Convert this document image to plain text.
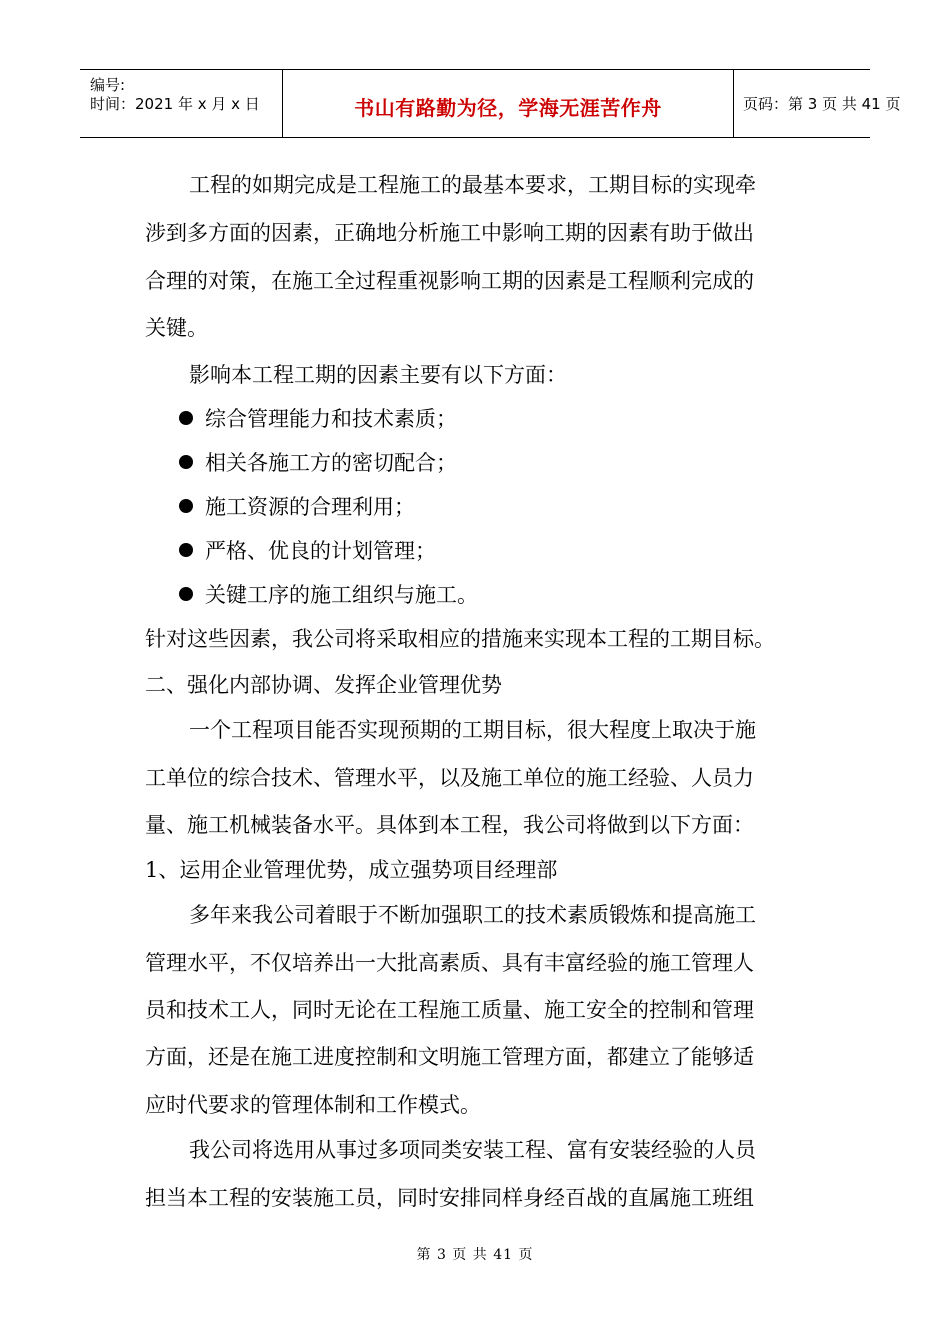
编号:
时间：2021 年 x 月 x 日	书山有路勤为径，学海无涯苦作舟	页码：第 3 页 共 41 页
工程的如期完成是工程施工的最基本要求，工期目标的实现牵
涉到多方面的因素，正确地分析施工中影响工期的因素有助于做出
合理的对策，在施工全过程重视影响工期的因素是工程顺利完成的
关键。
影响本工程工期的因素主要有以下方面：
综合管理能力和技术素质；
相关各施工方的密切配合；
施工资源的合理利用；
严格、优良的计划管理；
关键工序的施工组织与施工。
针对这些因素，我公司将采取相应的措施来实现本工程的工期目标。
二、强化内部协调、发挥企业管理优势
一个工程项目能否实现预期的工期目标，很大程度上取决于施
工单位的综合技术、管理水平，以及施工单位的施工经验、人员力
量、施工机械装备水平。具体到本工程，我公司将做到以下方面：
1、运用企业管理优势，成立强势项目经理部
多年来我公司着眼于不断加强职工的技术素质锻炼和提高施工
管理水平，不仅培养出一大批高素质、具有丰富经验的施工管理人
员和技术工人，同时无论在工程施工质量、施工安全的控制和管理
方面，还是在施工进度控制和文明施工管理方面，都建立了能够适
应时代要求的管理体制和工作模式。
我公司将选用从事过多项同类安装工程、富有安装经验的人员
担当本工程的安装施工员，同时安排同样身经百战的直属施工班组
第 3 页 共 41 页
